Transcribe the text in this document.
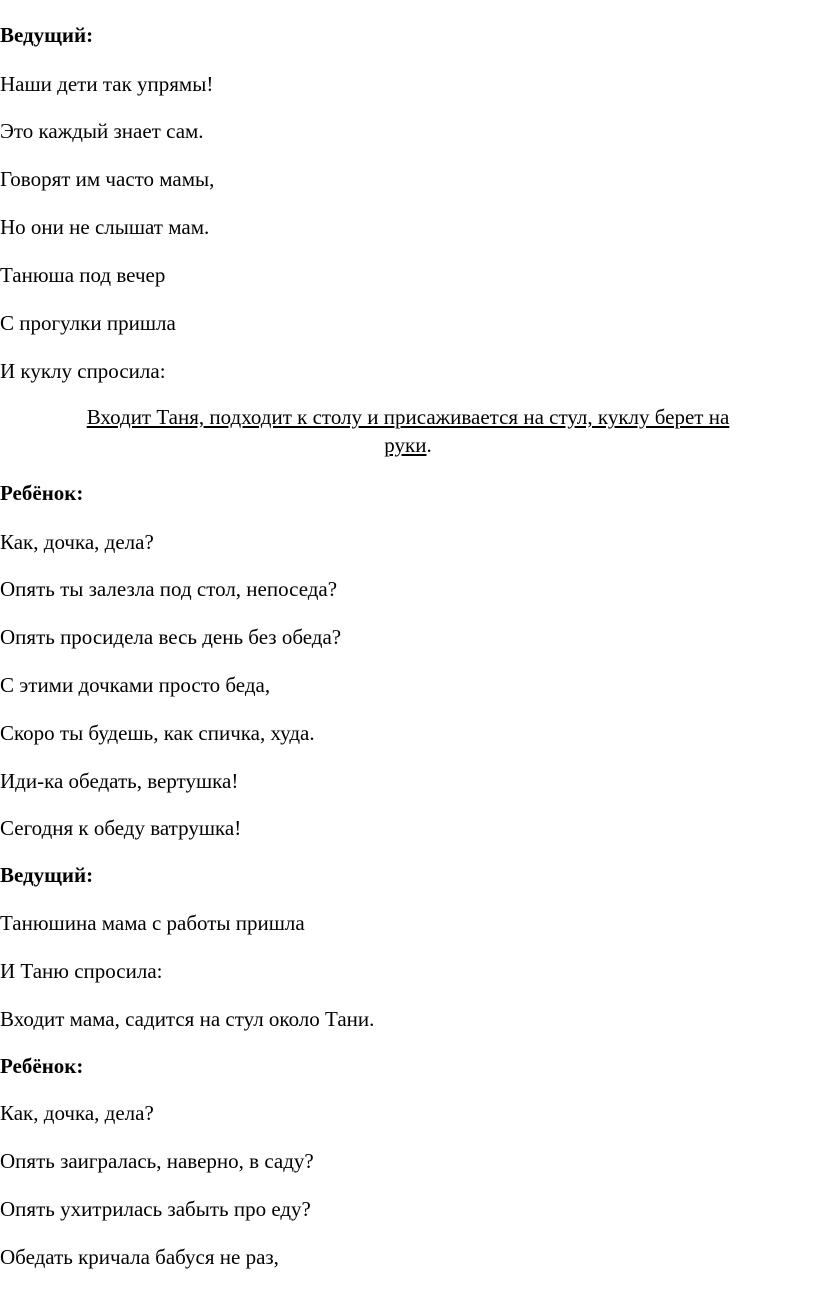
Ведущий:
Наши дети так упрямы!
Это каждый знает сам.
Говорят им часто мамы,
Но они не слышат мам.
Танюша под вечер
С прогулки пришла
И куклу спросила:
Входит Таня, подходит к столу и присаживается на стул, куклу берет на
руки.
Ребёнок:
Как, дочка, дела?
Опять ты залезла под стол, непоседа?
Опять просидела весь день без обеда?
С этими дочками просто беда,
Скоро ты будешь, как спичка, худа.
Иди-ка обедать, вертушка!
Сегодня к обеду ватрушка!
Ведущий:
Танюшина мама с работы пришла
И Таню спросила:
Входит мама, садится на стул около Тани.
Ребёнок:
Как, дочка, дела?
Опять заигралась, наверно, в саду?
Опять ухитрилась забыть про еду?
Обедать кричала бабуся не раз,
